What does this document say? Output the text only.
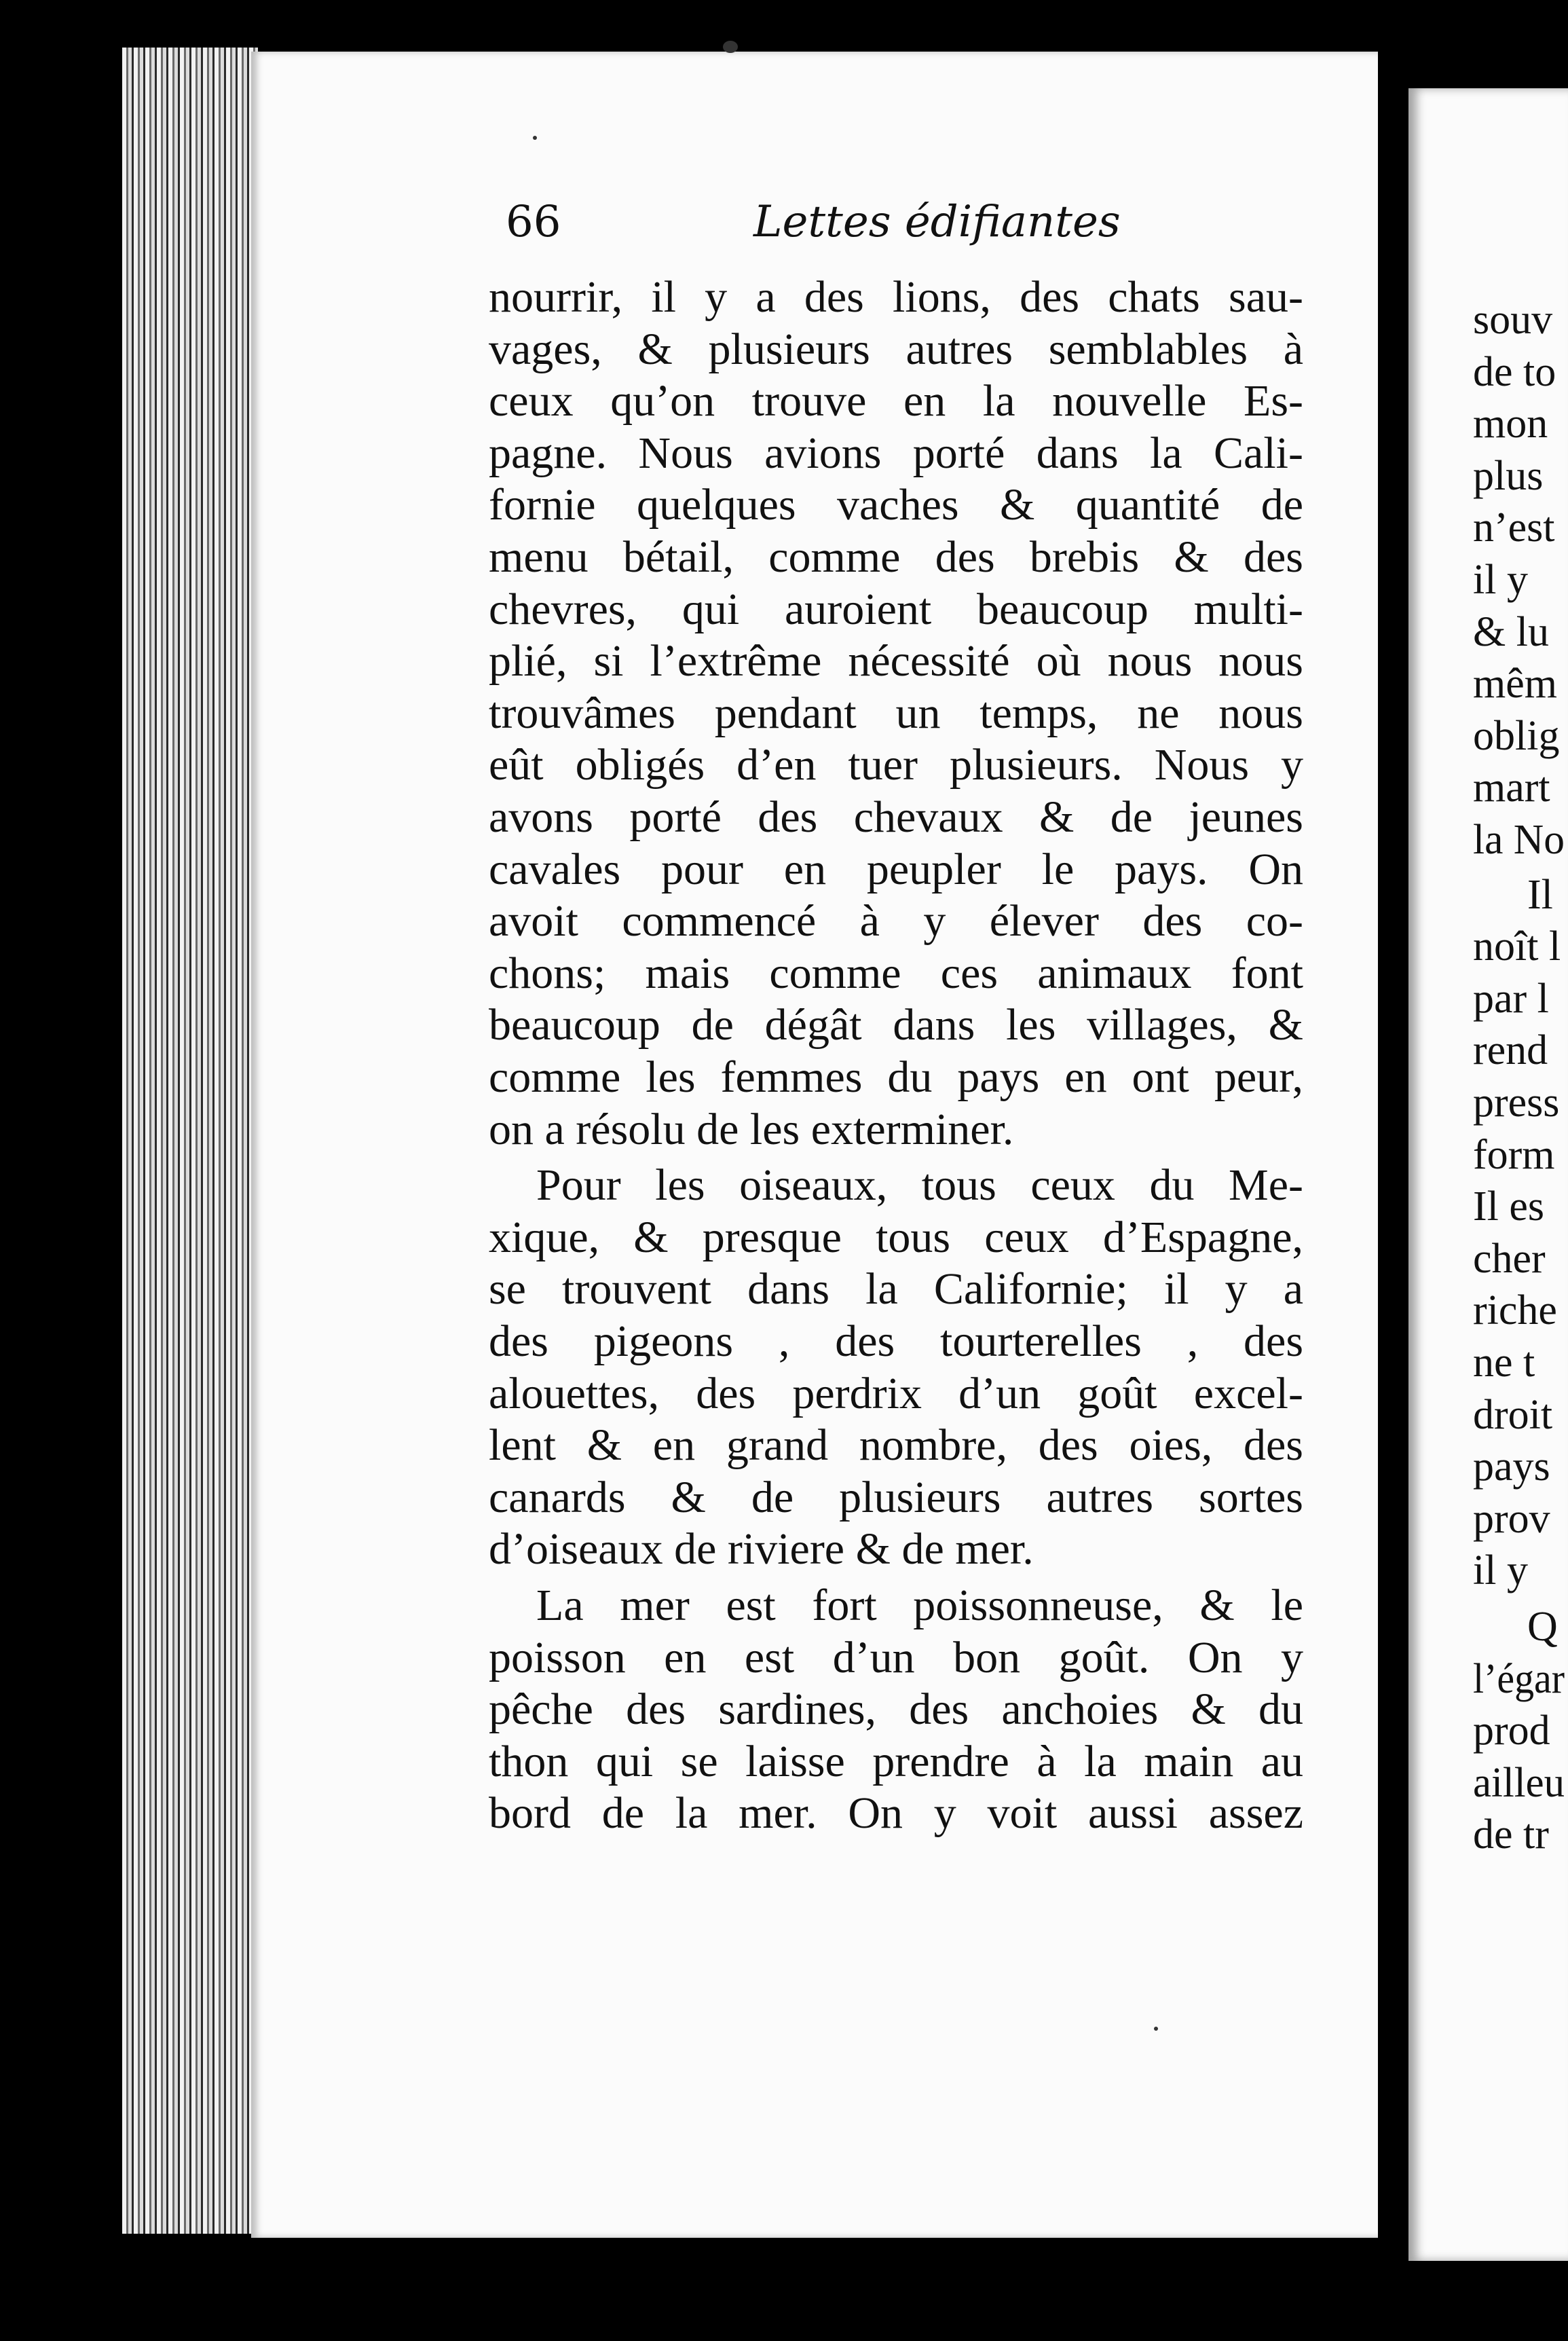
66	Lettes édifiantes
nourrir, il y a des lions, des chats sau-
vages, & plusieurs autres semblables à
ceux qu’on trouve en la nouvelle Es-
pagne. Nous avions porté dans la Cali-
fornie quelques vaches & quantité de
menu bétail, comme des brebis & des
chevres, qui auroient beaucoup multi-
plié, si l’extrême nécessité où nous nous
trouvâmes pendant un temps, ne nous
eût obligés d’en tuer plusieurs. Nous y
avons porté des chevaux & de jeunes
cavales pour en peupler le pays. On
avoit commencé à y élever des co-
chons; mais comme ces animaux font
beaucoup de dégât dans les villages, &
comme les femmes du pays en ont peur,
on a résolu de les exterminer.
Pour les oiseaux, tous ceux du Me-
xique, & presque tous ceux d’Espagne,
se trouvent dans la Californie; il y a
des pigeons , des tourterelles , des
alouettes, des perdrix d’un goût excel-
lent & en grand nombre, des oies, des
canards & de plusieurs autres sortes
d’oiseaux de riviere & de mer.
La mer est fort poissonneuse, & le
poisson en est d’un bon goût. On y
pêche des sardines, des anchoies & du
thon qui se laisse prendre à la main au
bord de la mer. On y voit aussi assez
souv
de to
mon
plus
n’est
il y
& lu
mêm
oblig
mart
la No
Il
noît l
par l
rend
press
form
Il es
cher
riche
ne t
droit
pays
prov
il y
Q
l’égar
prod
ailleu
de tr
